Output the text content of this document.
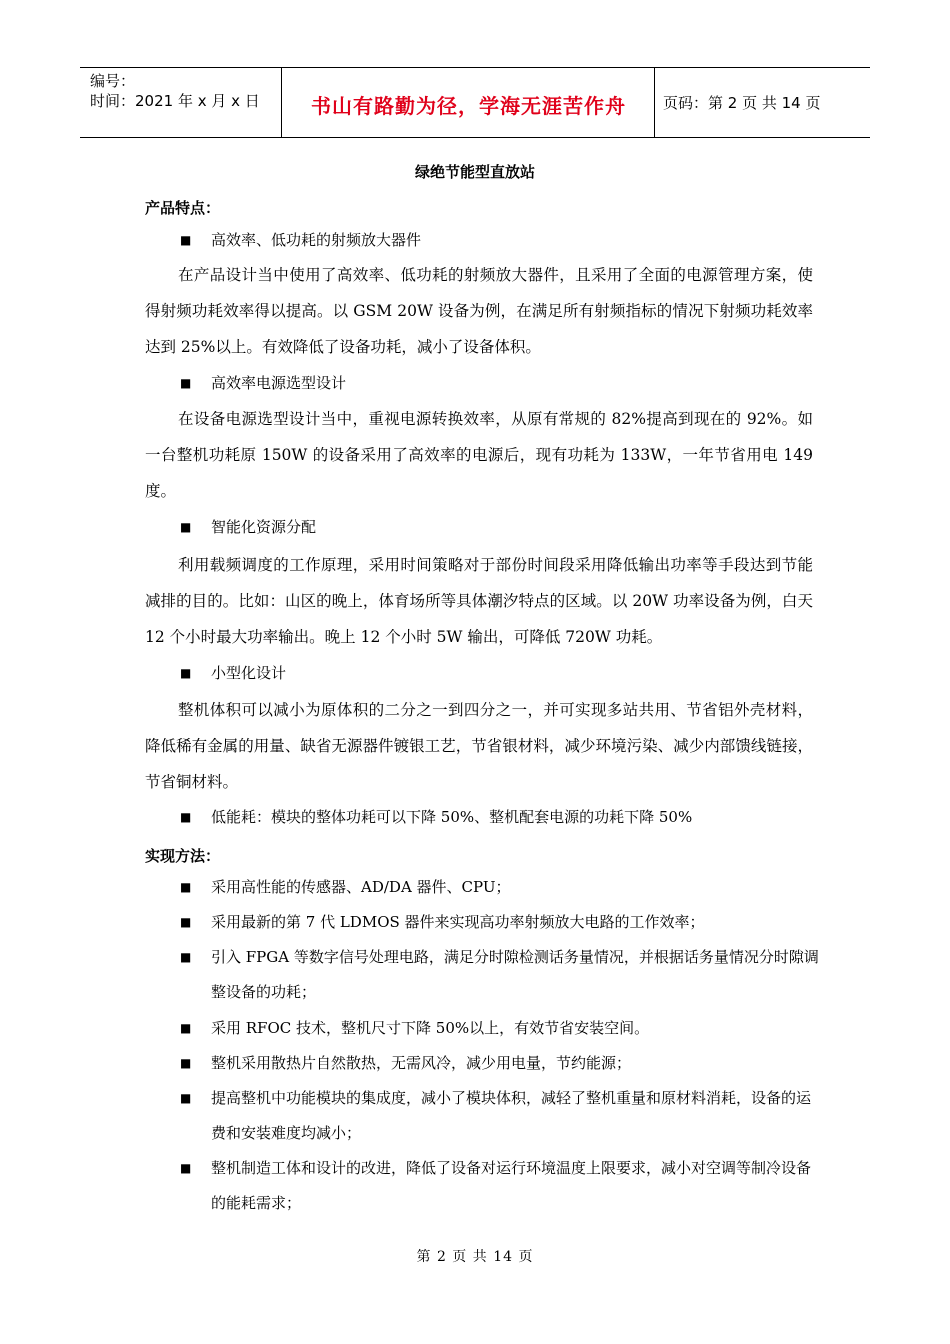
编号：
时间：2021 年 x 月 x 日	书山有路勤为径，学海无涯苦作舟	页码：第 2 页 共 14 页
绿绝节能型直放站
产品特点：
■ 高效率、低功耗的射频放大器件
在产品设计当中使用了高效率、低功耗的射频放大器件，且采用了全面的电源管理方案，使得射频功耗效率得以提高。以 GSM 20W 设备为例，在满足所有射频指标的情况下射频功耗效率达到 25%以上。有效降低了设备功耗，减小了设备体积。
■ 高效率电源选型设计
在设备电源选型设计当中，重视电源转换效率，从原有常规的 82%提高到现在的 92%。如一台整机功耗原 150W 的设备采用了高效率的电源后，现有功耗为 133W，一年节省用电 149 度。
■ 智能化资源分配
利用载频调度的工作原理，采用时间策略对于部份时间段采用降低输出功率等手段达到节能减排的目的。比如：山区的晚上，体育场所等具体潮汐特点的区域。以 20W 功率设备为例，白天 12 个小时最大功率输出。晚上 12 个小时 5W 输出，可降低 720W 功耗。
■ 小型化设计
整机体积可以减小为原体积的二分之一到四分之一，并可实现多站共用、节省铝外壳材料，降低稀有金属的用量、缺省无源器件镀银工艺，节省银材料，减少环境污染、减少内部馈线链接，节省铜材料。
■ 低能耗：模块的整体功耗可以下降 50%、整机配套电源的功耗下降 50%
实现方法：
■ 采用高性能的传感器、AD/DA 器件、CPU；
■ 采用最新的第 7 代 LDMOS 器件来实现高功率射频放大电路的工作效率；
■ 引入 FPGA 等数字信号处理电路，满足分时隙检测话务量情况，并根据话务量情况分时隙调整设备的功耗；
■ 采用 RFOC 技术，整机尺寸下降 50%以上，有效节省安装空间。
■ 整机采用散热片自然散热，无需风冷，减少用电量，节约能源；
■ 提高整机中功能模块的集成度，减小了模块体积，减轻了整机重量和原材料消耗，设备的运费和安装难度均减小；
■ 整机制造工体和设计的改进，降低了设备对运行环境温度上限要求，减小对空调等制冷设备的能耗需求；
第 2 页 共 14 页
